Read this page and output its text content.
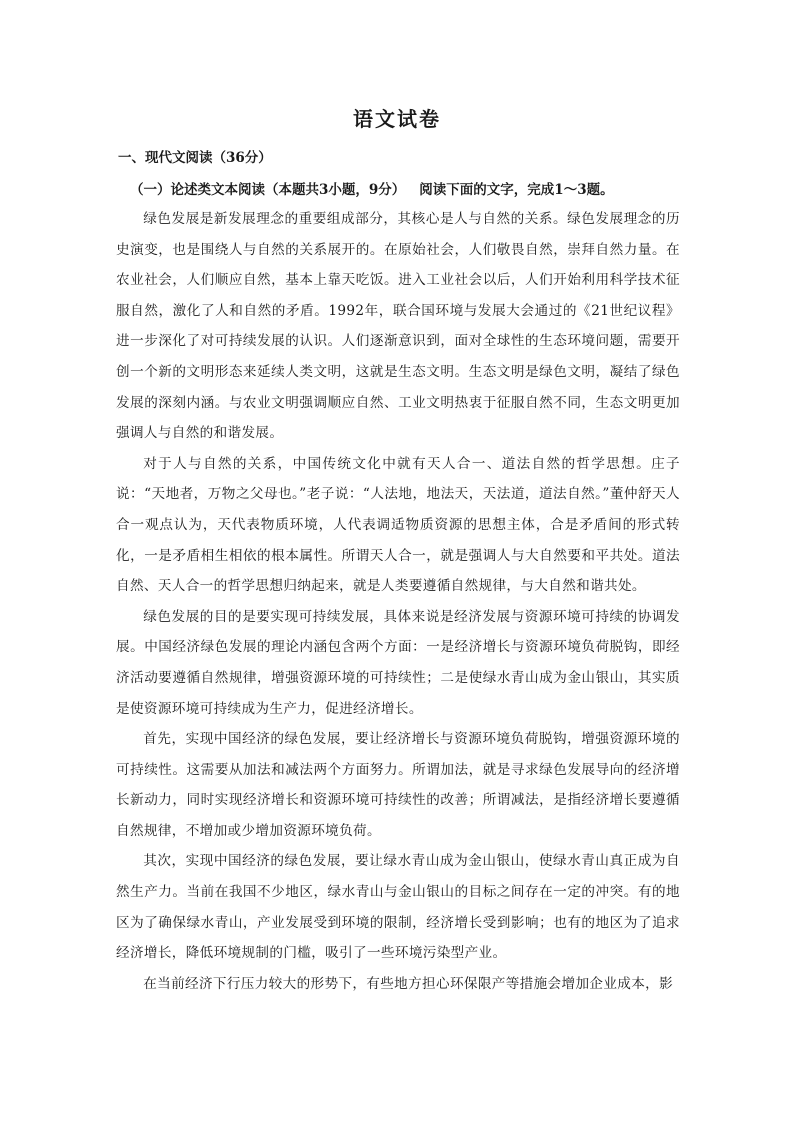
语文试卷

一、现代文阅读（36分）

（一）论述类文本阅读（本题共3小题，9分） 阅读下面的文字，完成1～3题。

绿色发展是新发展理念的重要组成部分，其核心是人与自然的关系。绿色发展理念的历史演变，也是围绕人与自然的关系展开的。在原始社会，人们敬畏自然，崇拜自然力量。在农业社会，人们顺应自然，基本上靠天吃饭。进入工业社会以后，人们开始利用科学技术征服自然，激化了人和自然的矛盾。1992年，联合国环境与发展大会通过的《21世纪议程》进一步深化了对可持续发展的认识。人们逐渐意识到，面对全球性的生态环境问题，需要开创一个新的文明形态来延续人类文明，这就是生态文明。生态文明是绿色文明，凝结了绿色发展的深刻内涵。与农业文明强调顺应自然、工业文明热衷于征服自然不同，生态文明更加强调人与自然的和谐发展。

对于人与自然的关系，中国传统文化中就有天人合一、道法自然的哲学思想。庄子说：“天地者，万物之父母也。”老子说：“人法地，地法天，天法道，道法自然。”董仲舒天人合一观点认为，天代表物质环境，人代表调适物质资源的思想主体，合是矛盾间的形式转化，一是矛盾相生相依的根本属性。所谓天人合一，就是强调人与大自然要和平共处。道法自然、天人合一的哲学思想归纳起来，就是人类要遵循自然规律，与大自然和谐共处。

绿色发展的目的是要实现可持续发展，具体来说是经济发展与资源环境可持续的协调发展。中国经济绿色发展的理论内涵包含两个方面：一是经济增长与资源环境负荷脱钩，即经济活动要遵循自然规律，增强资源环境的可持续性；二是使绿水青山成为金山银山，其实质是使资源环境可持续成为生产力，促进经济增长。

首先，实现中国经济的绿色发展，要让经济增长与资源环境负荷脱钩，增强资源环境的可持续性。这需要从加法和减法两个方面努力。所谓加法，就是寻求绿色发展导向的经济增长新动力，同时实现经济增长和资源环境可持续性的改善；所谓减法，是指经济增长要遵循自然规律，不增加或少增加资源环境负荷。

其次，实现中国经济的绿色发展，要让绿水青山成为金山银山，使绿水青山真正成为自然生产力。当前在我国不少地区，绿水青山与金山银山的目标之间存在一定的冲突。有的地区为了确保绿水青山，产业发展受到环境的限制，经济增长受到影响；也有的地区为了追求经济增长，降低环境规制的门槛，吸引了一些环境污染型产业。

在当前经济下行压力较大的形势下，有些地方担心环保限产等措施会增加企业成本，影
